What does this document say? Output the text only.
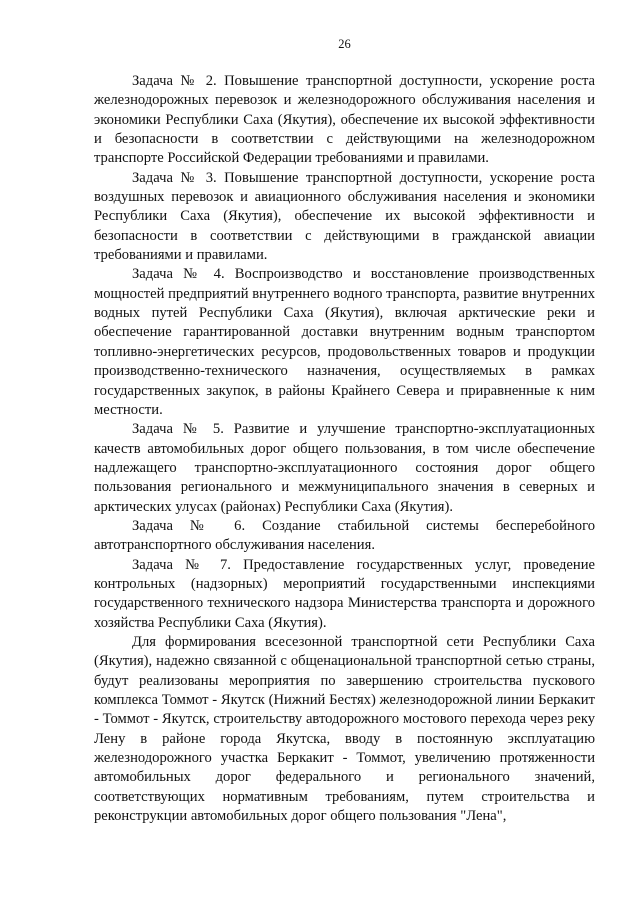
26

Задача № 2. Повышение транспортной доступности, ускорение роста железнодорожных перевозок и железнодорожного обслуживания населения и экономики Республики Саха (Якутия), обеспечение их высокой эффективности и безопасности в соответствии с действующими на железнодорожном транспорте Российской Федерации требованиями и правилами.

Задача № 3. Повышение транспортной доступности, ускорение роста воздушных перевозок и авиационного обслуживания населения и экономики Республики Саха (Якутия), обеспечение их высокой эффективности и безопасности в соответствии с действующими в гражданской авиации требованиями и правилами.

Задача № 4. Воспроизводство и восстановление производственных мощностей предприятий внутреннего водного транспорта, развитие внутренних водных путей Республики Саха (Якутия), включая арктические реки и обеспечение гарантированной доставки внутренним водным транспортом топливно-энергетических ресурсов, продовольственных товаров и продукции производственно-технического назначения, осуществляемых в рамках государственных закупок, в районы Крайнего Севера и приравненные к ним местности.

Задача № 5. Развитие и улучшение транспортно-эксплуатационных качеств автомобильных дорог общего пользования, в том числе обеспечение надлежащего транспортно-эксплуатационного состояния дорог общего пользования регионального и межмуниципального значения в северных и арктических улусах (районах) Республики Саха (Якутия).

Задача № 6. Создание стабильной системы бесперебойного автотранспортного обслуживания населения.

Задача № 7. Предоставление государственных услуг, проведение контрольных (надзорных) мероприятий государственными инспекциями государственного технического надзора Министерства транспорта и дорожного хозяйства Республики Саха (Якутия).

Для формирования всесезонной транспортной сети Республики Саха (Якутия), надежно связанной с общенациональной транспортной сетью страны, будут реализованы мероприятия по завершению строительства пускового комплекса Томмот - Якутск (Нижний Бестях) железнодорожной линии Беркакит - Томмот - Якутск, строительству автодорожного мостового перехода через реку Лену в районе города Якутска, вводу в постоянную эксплуатацию железнодорожного участка Беркакит - Томмот, увеличению протяженности автомобильных дорог федерального и регионального значений, соответствующих нормативным требованиям, путем строительства и реконструкции автомобильных дорог общего пользования "Лена",
